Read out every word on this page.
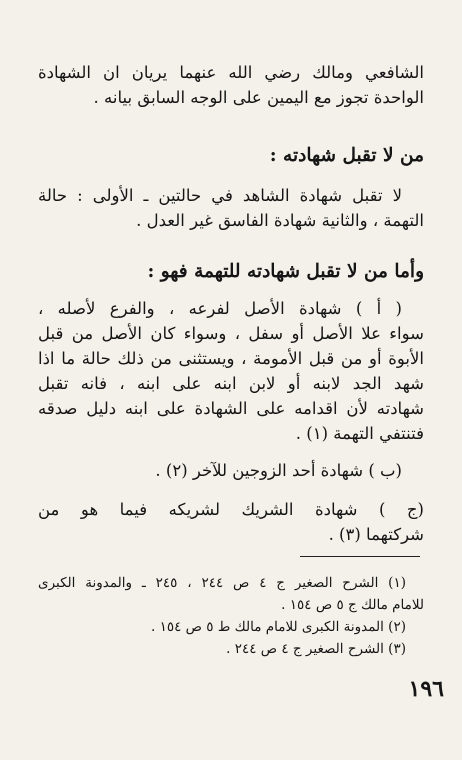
الشافعي ومالك رضي الله عنهما يريان ان الشهادة
الواحدة تجوز مع اليمين على الوجه السابق بيانه .
من لا تقبل شهادته :
لا تقبل شهادة الشاهد في حالتين ـ الأولى : حالة
التهمة ، والثانية شهادة الفاسق غير العدل .
وأما من لا تقبل شهادته للتهمة فهو :
( أ ) شهادة الأصل لفرعه ، والفرع لأصله ،
سواء علا الأصل أو سفل ، وسواء كان الأصل من قبل
الأبوة أو من قبل الأمومة ، ويستثنى من ذلك حالة ما اذا
شهد الجد لابنه أو لابن ابنه على ابنه ، فانه تقبل
شهادته لأن اقدامه على الشهادة على ابنه دليل صدقه
فتنتفي التهمة (١) .
(ب ) شهادة أحد الزوجين للآخر (٢) .
(ج ) شهادة الشريك لشريكه فيما هو من
شركتهما (٣) .
(١) الشرح الصغير ج ٤ ص ٢٤٤ ، ٢٤٥ ـ والمدونة الكبرى
للامام مالك ج ٥ ص ١٥٤ .
(٢) المدونة الكبرى للامام مالك ط ٥ ص ١٥٤ .
(٣) الشرح الصغير ج ٤ ص ٢٤٤ .
١٩٦
